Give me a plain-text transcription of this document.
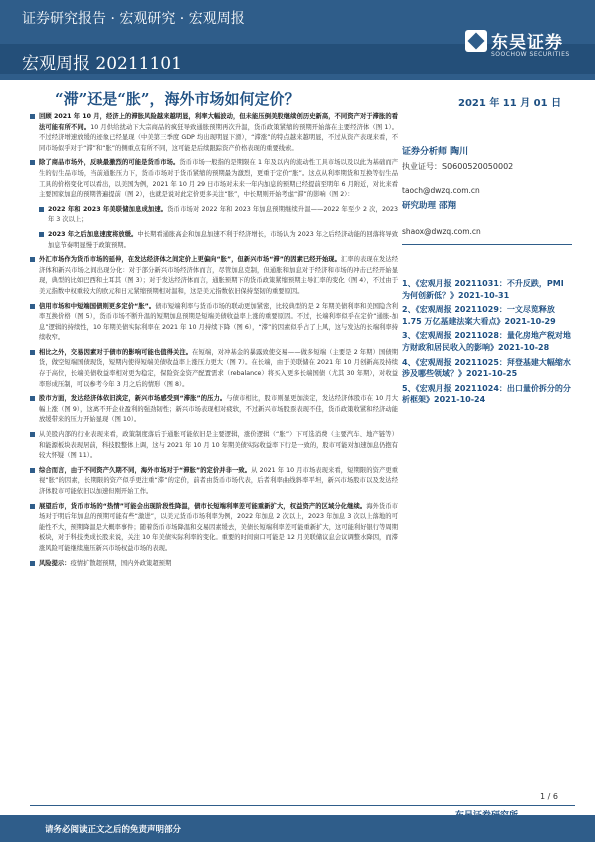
证券研究报告 · 宏观研究 · 宏观周报
宏观周报 20211101
东吴证券
SOOCHOW SECURITIES
“滞”还是“胀”，海外市场如何定价？	2021 年 11 月 01 日
回顾 2021 年 10 月，经济上的滞胀风险越来越明显，利率大幅波动，但未能压倒美股继续创历史新高，不同资产对于滞胀的看法可能有所不同。10 月供给扰动下大宗商品的疯狂导致通胀预期再次升温，货币政策紧缩的预期开始落在主要经济体（图 1）。不过经济增速放缓的迹象已经显现（中美第三季度 GDP 均出现明显下滑），“滞涨”的特点越来越明显，不过从资产表现来看，不同市场似乎对于“滞”和“胀”的侧重点有所不同，这可能是后续跟踪资产价格表现的重要线索。
除了商品市场外，反映最激烈的可能是货币市场。货币市场一般指的是期限在 1 年及以内的流动性工具市场以及以此为基础而产生的衍生品市场，当前通胀压力下，货币市场对于货币紧缩的预期最为激烈，更重于定价“胀”。这点从利率期货和互换等衍生品工具的价格变化可以看出，以美国为例，2021 年 10 月 29 日市场对未来一年内加息的预期已经提前至明年 6 月附近，对比来看主要国家加息的预期普遍提前（图 2），也就是说对此定价更多关注“胀”，中长期则开始考虑“滞”的影响（图 2）：
2022 年和 2023 年美联储加息成加速。货币市场对 2022 年和 2023 年加息预期继续升温——2022 年至少 2 次，2023 年 3 次以上；
2023 年之后加息速度将放缓。中长期看通胀高企和加息加速不利于经济增长，市场认为 2023 年之后经济动能的回落将导致加息节奏明显慢于政策预期。
外汇市场作为货币市场的延伸，在发达经济体之间定价上更偏向“胀”，但新兴市场“滞”的因素已经开始现。汇率的表现在发达经济体和新兴市场之间出现分化：对于部分新兴市场经济体而言，尽管加息克制，但通胀和加息对于经济和市场的冲击已经开始显现，典型的比如巴西和土耳其（图 3）；对于发达经济体而言，通胀预期下的货币政策紧缩预期主导汇率的变化（图 4），不过由于美元指数中权重较大的欧元和日元紧缩预期相对温和，这是美元指数依旧保持坚韧的重要原因。
信用市场和中短端国债则更多定价“胀”。债市短端利率与货币市场的联动更加紧密，比较典型的是 2 年期美债利率和美国隐含利率互换价格（图 5），货币市场不断升温的短期加息预期是短端美债收益率上涨的重要原因。不过，长端利率似乎在定价“通胀-加息”逻辑的持续性，10 年期美债实际利率在 2021 年 10 月持续下降（图 6），“滞”的因素似乎占了上风，这与发达的长端利率持续收窄。
相比之外，交易因素对于债市的影响可能也值得关注。在短端，对冲基金的暴露致使交易——做多短端（主要是 2 年期）国债期货，做空短端国债现货，短期内使得短端美债收益率上涨压力更大（图 7）。在长端，由于美联储在 2021 年 10 月创新高及持续存于高位，长端美债收益率相对更为稳定，保险资金资产配置需求（rebalance）将买入更多长端国债（尤其 30 年期），对收益率形成压制，可以参考今年 3 月之后的情形（图 8）。
股市方面，发达经济体依旧淡定，新兴市场感受到“滞胀”的压力。与债市相比，股市则显更加淡定，发达经济体股市在 10 月大幅上涨（图 9），这离不开企业盈利的强劲韧性；新兴市场表现相对疲软，不过新兴市场股票表现不佳，货币政策收紧和经济动能放缓带来的压力开始显现（图 10）。
从美股内部的行业表现来看，政策制度落后于通胀可能依旧是主要逻辑，涨价逻辑（“胀”）下可选消费（主要汽车、地产链等）和能源板块表现居前，科技股整体上调，这与 2021 年 10 月 10 年期美债实际收益率下行是一致的，股市可能对加速加息仍抱有较大怀疑（图 11）。
综合而言，由于不同资产久期不同，海外市场对于“滞胀”的定价并非一致。从 2021 年 10 月市场表现来看，短期限的资产更重视“胀”的因素，长期限的资产似乎更注重“滞”的定价，前者由货币市场代表，后者利率曲线斜率平坦，新兴市场股市以及发达经济体股市可能依旧以加速但刚开始工作。
展望后市，货币市场的“热情”可能会出现阶段性降温，债市长短端利率差可能重新扩大，权益资产的区域分化继续。海外货币市场对于明后年加息的预期可能有些“激进”，以美元货币市场利率为例，2022 年加息 2 次以上，2023 年加息 3 次以上落地的可能性不大，预期降温是大概率事件；随着货币市场降温和交易因素缓去，美债长短端利率差可能重新扩大，这可能利好银行等周期板块，对于科技类成长股来说，关注 10 年美债实际利率的变化。重要的时间窗口可能是 12 月美联储议息会议调整水降因，而滞涨风险可能继续施压新兴市场权益市场的表现。
风险提示：疫情扩散超预期，国内外政策超预期
证券分析师 陶川
执业证号：S0600520050002
taoch@dwzq.com.cn
研究助理 邵翔
shaox@dwzq.com.cn
1、《宏观月报 20211031：不升反跌，PMI 为何创新低？》2021-10-31
2、《宏观周报 20211029：一文尽览释放 1.75 万亿基建法案大看点》2021-10-29
3、《宏观周报 20211028：量化房地产税对地方财政和居民收入的影响》2021-10-28
4、《宏观周报 20211025：拜登基建大幅缩水涉及哪些领域？》2021-10-25
5、《宏观月报 20211024：出口量价拆分的分析框架》2021-10-24
1 / 6
请务必阅读正文之后的免责声明部分
